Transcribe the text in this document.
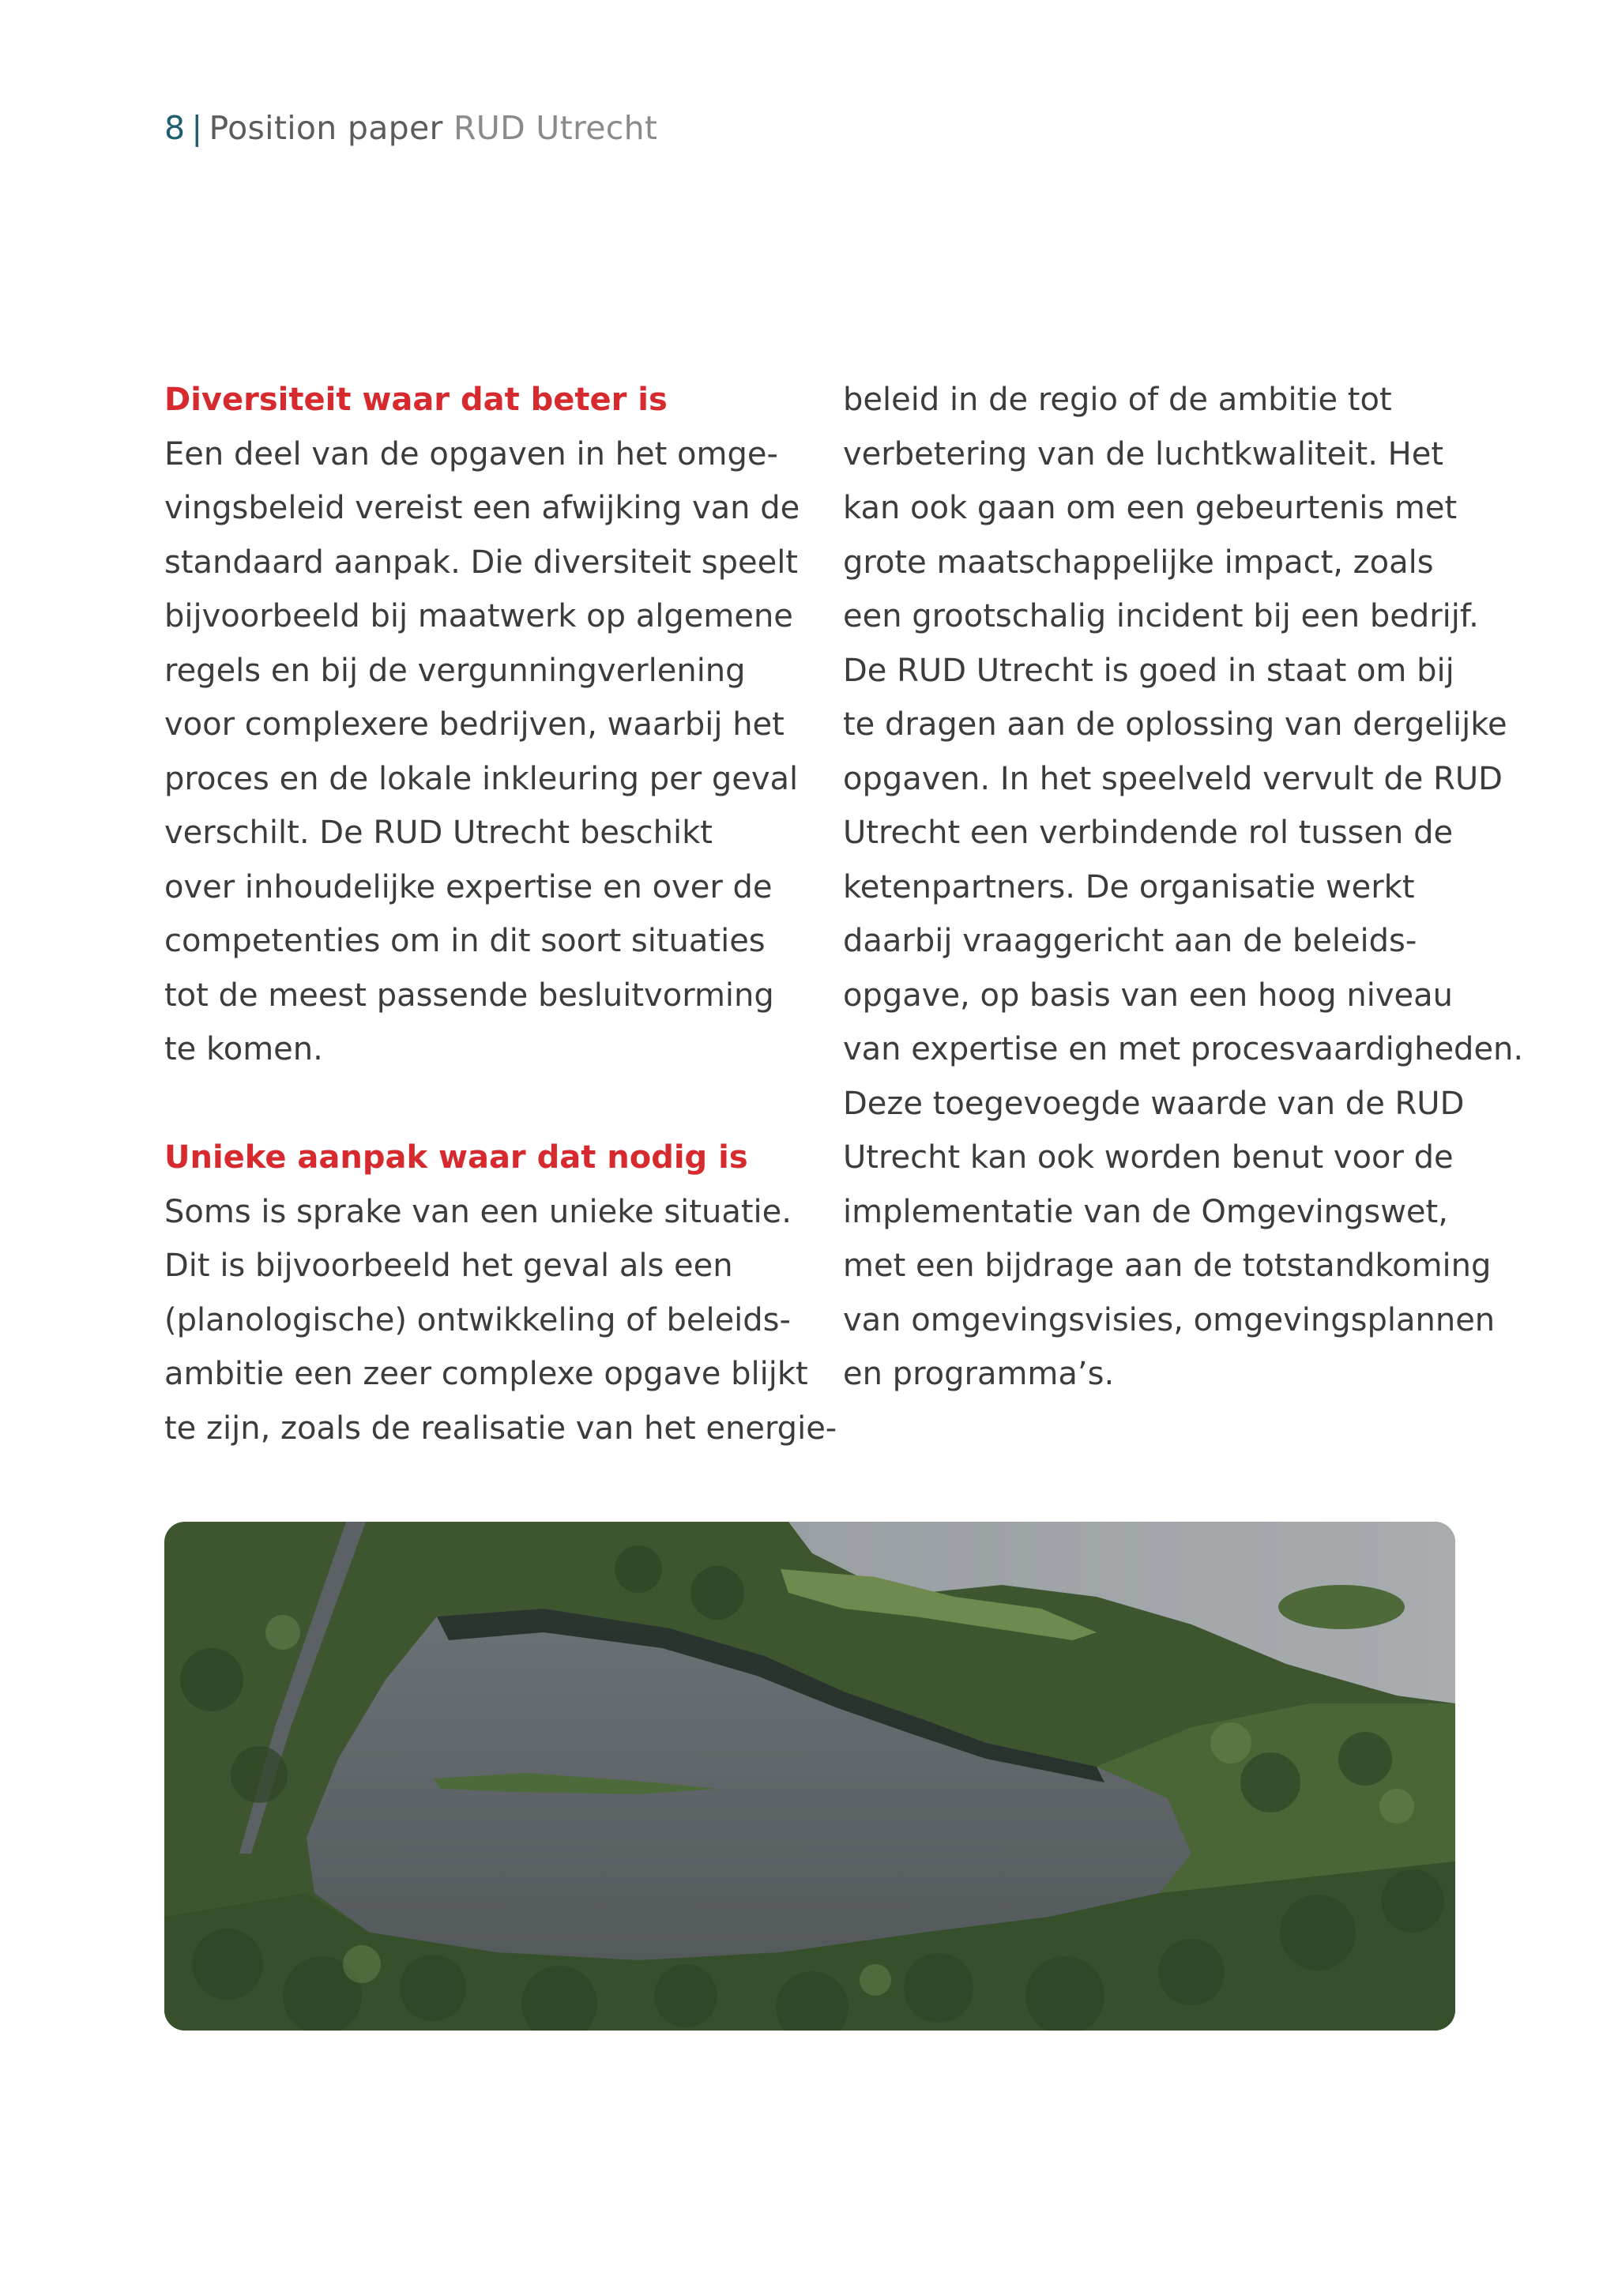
8 | Position paper RUD Utrecht
Diversiteit waar dat beter is
Een deel van de opgaven in het omge-
vingsbeleid vereist een afwijking van de
standaard aanpak. Die diversiteit speelt
bijvoorbeeld bij maatwerk op algemene
regels en bij de vergunningverlening
voor complexere bedrijven, waarbij het
proces en de lokale inkleuring per geval
verschilt. De RUD Utrecht beschikt
over inhoudelijke expertise en over de
competenties om in dit soort situaties
tot de meest passende besluitvorming
te komen.
Unieke aanpak waar dat nodig is
Soms is sprake van een unieke situatie.
Dit is bijvoorbeeld het geval als een
(planologische) ontwikkeling of beleids-
ambitie een zeer complexe opgave blijkt
te zijn, zoals de realisatie van het energie-
beleid in de regio of de ambitie tot
verbetering van de luchtkwaliteit. Het
kan ook gaan om een gebeurtenis met
grote maatschappelijke impact, zoals
een grootschalig incident bij een bedrijf.
De RUD Utrecht is goed in staat om bij
te dragen aan de oplossing van dergelijke
opgaven. In het speelveld vervult de RUD
Utrecht een verbindende rol tussen de
ketenpartners. De organisatie werkt
daarbij vraaggericht aan de beleids-
opgave, op basis van een hoog niveau
van expertise en met procesvaardigheden.
Deze toegevoegde waarde van de RUD
Utrecht kan ook worden benut voor de
implementatie van de Omgevingswet,
met een bijdrage aan de totstandkoming
van omgevingsvisies, omgevingsplannen
en programma’s.
